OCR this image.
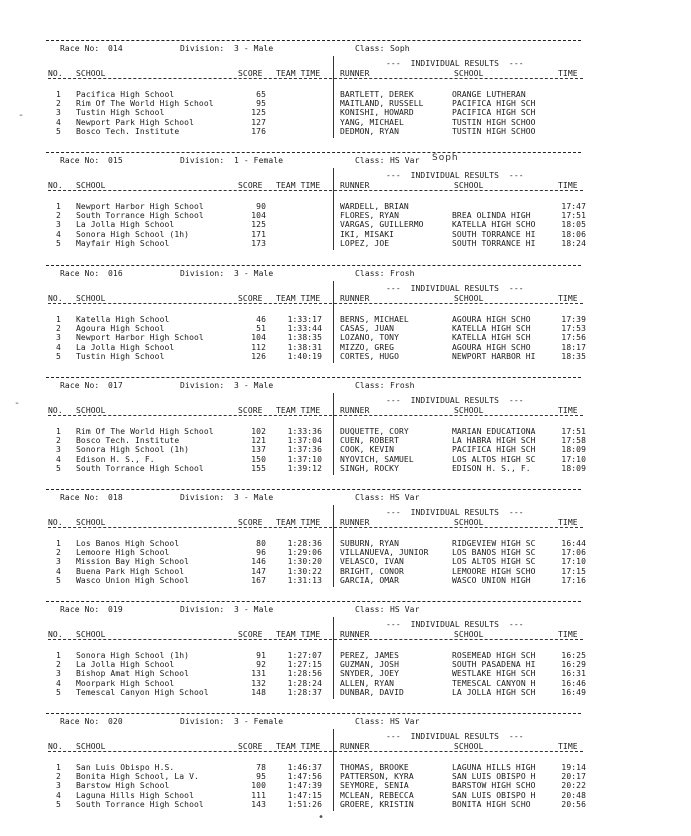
Race No: 014	Division: 3 - Male	Class: Soph
---  INDIVIDUAL RESULTS  ---
NO. SCHOOL	SCORE TEAM TIME RUNNER	SCHOOL	TIME
1 Pacifica High School	65	BARTLETT, DEREK	ORANGE LUTHERAN
2 Rim Of The World High School	95	MAITLAND, RUSSELL	PACIFICA HIGH SCH
3 Tustin High School	125	KONISHI, HOWARD	PACIFICA HIGH SCH
4 Newport Park High School	127	YANG, MICHAEL	TUSTIN HIGH SCHOO
5 Bosco Tech. Institute	176	DEDMON, RYAN	TUSTIN HIGH SCHOO
Race No: 015	Division: 1 - Female	Class: HS Var Soph
---  INDIVIDUAL RESULTS  ---
NO. SCHOOL	SCORE TEAM TIME RUNNER	SCHOOL	TIME
1 Newport Harbor High School	90	WARDELL, BRIAN	17:47
2 South Torrance High School	104	FLORES, RYAN	BREA OLINDA HIGH	17:51
3 La Jolla High School	125	VARGAS, GUILLERMO	KATELLA HIGH SCHO	18:05
4 Sonora High School (1h)	171	IKI, MISAKI	SOUTH TORRANCE HI	18:06
5 Mayfair High School	173	LOPEZ, JOE	SOUTH TORRANCE HI	18:24
Race No: 016	Division: 3 - Male	Class: Frosh
---  INDIVIDUAL RESULTS  ---
NO. SCHOOL	SCORE TEAM TIME RUNNER	SCHOOL	TIME
1 Katella High School	46	1:33:17 BERNS, MICHAEL	AGOURA HIGH SCHO	17:39
2 Agoura High School	51	1:33:44 CASAS, JUAN	KATELLA HIGH SCH	17:53
3 Newport Harbor High School	104	1:38:35 LOZANO, TONY	KATELLA HIGH SCH	17:56
4 La Jolla High School	112	1:38:31 MIZZO, GREG	AGOURA HIGH SCHO	18:17
5 Tustin High School	126	1:40:19 CORTES, HUGO	NEWPORT HARBOR HI	18:35
Race No: 017	Division: 3 - Male	Class: Frosh
---  INDIVIDUAL RESULTS  ---
NO. SCHOOL	SCORE TEAM TIME RUNNER	SCHOOL	TIME
1 Rim Of The World High School	102	1:33:36 DUQUETTE, CORY	MARIAN EDUCATIONA	17:51
2 Bosco Tech. Institute	121	1:37:04 CUEN, ROBERT	LA HABRA HIGH SCH	17:58
3 Sonora High School (1h)	137	1:37:36 COOK, KEVIN	PACIFICA HIGH SCH	18:09
4 Edison H. S., F.	150	1:37:10 NYOVICH, SAMUEL	LOS ALTOS HIGH SC	17:10
5 South Torrance High School	155	1:39:12 SINGH, ROCKY	EDISON H. S., F.	18:09
Race No: 018	Division: 3 - Male	Class: HS Var
---  INDIVIDUAL RESULTS  ---
NO. SCHOOL	SCORE TEAM TIME RUNNER	SCHOOL	TIME
1 Los Banos High School	80	1:28:36 SUBURN, RYAN	RIDGEVIEW HIGH SC	16:44
2 Lemoore High School	96	1:29:06 VILLANUEVA, JUNIOR	LOS BANOS HIGH SC	17:06
3 Mission Bay High School	146	1:30:20 VELASCO, IVAN	LOS ALTOS HIGH SC	17:10
4 Buena Park High School	147	1:30:22 BRIGHT, CONOR	LEMOORE HIGH SCHO	17:15
5 Wasco Union High School	167	1:31:13 GARCIA, OMAR	WASCO UNION HIGH	17:16
Race No: 019	Division: 3 - Male	Class: HS Var
---  INDIVIDUAL RESULTS  ---
NO. SCHOOL	SCORE TEAM TIME RUNNER	SCHOOL	TIME
1 Sonora High School (1h)	91	1:27:07 PEREZ, JAMES	ROSEMEAD HIGH SCH	16:25
2 La Jolla High School	92	1:27:15 GUZMAN, JOSH	SOUTH PASADENA HI	16:29
3 Bishop Amat High School	131	1:28:56 SNYDER, JOEY	WESTLAKE HIGH SCH	16:31
4 Moorpark High School	132	1:28:24 ALLEN, RYAN	TEMESCAL CANYON H	16:46
5 Temescal Canyon High School	148	1:28:37 DUNBAR, DAVID	LA JOLLA HIGH SCH	16:49
Race No: 020	Division: 3 - Female	Class: HS Var
---  INDIVIDUAL RESULTS  ---
NO. SCHOOL	SCORE TEAM TIME RUNNER	SCHOOL	TIME
1 San Luis Obispo H.S.	78	1:46:37 THOMAS, BROOKE	LAGUNA HILLS HIGH	19:14
2 Bonita High School, La V.	95	1:47:56 PATTERSON, KYRA	SAN LUIS OBISPO H	20:17
3 Barstow High School	100	1:47:39 SEYMORE, SENIA	BARSTOW HIGH SCHO	20:22
4 Laguna Hills High School	111	1:47:15 MCLEAN, REBECCA	SAN LUIS OBISPO H	20:48
5 South Torrance High School	143	1:51:26 GROERE, KRISTIN	BONITA HIGH SCHO	20:56
-
-
•
